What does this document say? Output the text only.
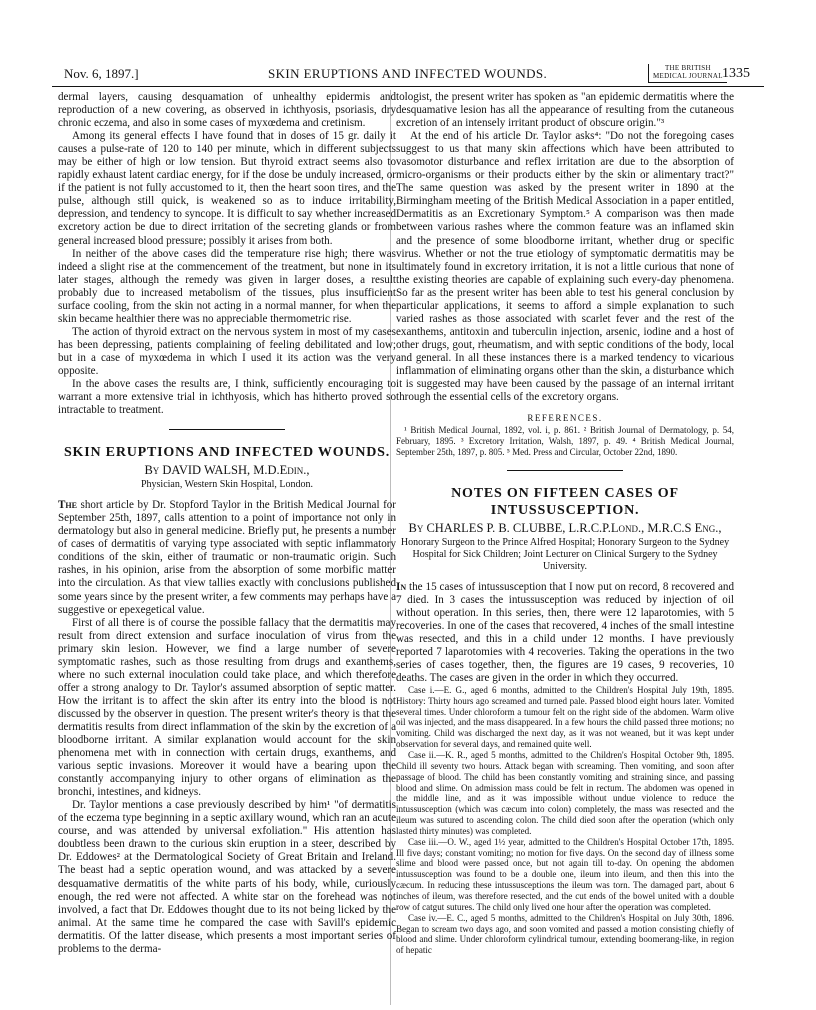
Nov. 6, 1897.]	SKIN ERUPTIONS AND INFECTED WOUNDS.	THE BRITISH
MEDICAL JOURNAL 1335

dermal layers, causing desquamation of unhealthy epidermis and reproduction of a new covering, as observed in ichthyosis, psoriasis, dry chronic eczema, and also in some cases of myxœdema and cretinism.

Among its general effects I have found that in doses of 15 gr. daily it causes a pulse-rate of 120 to 140 per minute, which in different subjects may be either of high or low tension. But thyroid extract seems also to rapidly exhaust latent cardiac energy, for if the dose be unduly increased, or if the patient is not fully accustomed to it, then the heart soon tires, and the pulse, although still quick, is weakened so as to induce irritability, depression, and tendency to syncope. It is difficult to say whether increased excretory action be due to direct irritation of the secreting glands or from general increased blood pressure; possibly it arises from both.

In neither of the above cases did the temperature rise high; there was indeed a slight rise at the commencement of the treatment, but none in its later stages, although the remedy was given in larger doses, a result probably due to increased metabolism of the tissues, plus insufficient surface cooling, from the skin not acting in a normal manner, for when the skin became healthier there was no appreciable thermometric rise.

The action of thyroid extract on the nervous system in most of my cases has been depressing, patients complaining of feeling debilitated and low; but in a case of myxœdema in which I used it its action was the very opposite.

In the above cases the results are, I think, sufficiently encouraging to warrant a more extensive trial in ichthyosis, which has hitherto proved so intractable to treatment.

SKIN ERUPTIONS AND INFECTED WOUNDS.
By DAVID WALSH, M.D.Edin.,
Physician, Western Skin Hospital, London.

The short article by Dr. Stopford Taylor in the British Medical Journal for September 25th, 1897, calls attention to a point of importance not only in dermatology but also in general medicine. Briefly put, he presents a number of cases of dermatitis of varying type associated with septic inflammatory conditions of the skin, either of traumatic or non-traumatic origin. Such rashes, in his opinion, arise from the absorption of some morbific matter into the circulation. As that view tallies exactly with conclusions published some years since by the present writer, a few comments may perhaps have a suggestive or epexegetical value.

First of all there is of course the possible fallacy that the dermatitis may result from direct extension and surface inoculation of virus from the primary skin lesion. However, we find a large number of severe symptomatic rashes, such as those resulting from drugs and exanthems, where no such external inoculation could take place, and which therefore offer a strong analogy to Dr. Taylor's assumed absorption of septic matter. How the irritant is to affect the skin after its entry into the blood is not discussed by the observer in question. The present writer's theory is that the dermatitis results from direct inflammation of the skin by the excretion of a bloodborne irritant. A similar explanation would account for the skin phenomena met with in connection with certain drugs, exanthems, and various septic invasions. Moreover it would have a bearing upon the constantly accompanying injury to other organs of elimination as the bronchi, intestines, and kidneys.

Dr. Taylor mentions a case previously described by him¹ "of dermatitis of the eczema type beginning in a septic axillary wound, which ran an acute course, and was attended by universal exfoliation." His attention has doubtless been drawn to the curious skin eruption in a steer, described by Dr. Eddowes² at the Dermatological Society of Great Britain and Ireland. The beast had a septic operation wound, and was attacked by a severe desquamative dermatitis of the white parts of his body, while, curiously enough, the red were not affected. A white star on the forehead was not involved, a fact that Dr. Eddowes thought due to its not being licked by the animal. At the same time he compared the case with Savill's epidemic dermatitis. Of the latter disease, which presents a most important series of problems to the derma-

tologist, the present writer has spoken as "an epidemic dermatitis where the desquamative lesion has all the appearance of resulting from the cutaneous excretion of an intensely irritant product of obscure origin."³

At the end of his article Dr. Taylor asks⁴: "Do not the foregoing cases suggest to us that many skin affections which have been attributed to vasomotor disturbance and reflex irritation are due to the absorption of micro-organisms or their products either by the skin or alimentary tract?" The same question was asked by the present writer in 1890 at the Birmingham meeting of the British Medical Association in a paper entitled, Dermatitis as an Excretionary Symptom.⁵ A comparison was then made between various rashes where the common feature was an inflamed skin and the presence of some bloodborne irritant, whether drug or specific virus. Whether or not the true etiology of symptomatic dermatitis may be ultimately found in excretory irritation, it is not a little curious that none of the existing theories are capable of explaining such every-day phenomena. So far as the present writer has been able to test his general conclusion by particular applications, it seems to afford a simple explanation to such varied rashes as those associated with scarlet fever and the rest of the exanthems, antitoxin and tuberculin injection, arsenic, iodine and a host of other drugs, gout, rheumatism, and with septic conditions of the body, local and general. In all these instances there is a marked tendency to vicarious inflammation of eliminating organs other than the skin, a disturbance which it is suggested may have been caused by the passage of an internal irritant through the essential cells of the excretory organs.

REFERENCES.

¹ British Medical Journal, 1892, vol. i, p. 861. ² British Journal of Dermatology, p. 54, February, 1895. ³ Excretory Irritation, Walsh, 1897, p. 49. ⁴ British Medical Journal, September 25th, 1897, p. 805. ⁵ Med. Press and Circular, October 22nd, 1890.

NOTES ON FIFTEEN CASES OF INTUSSUSCEPTION.
By CHARLES P. B. CLUBBE, L.R.C.P.Lond., M.R.C.S Eng.,
Honorary Surgeon to the Prince Alfred Hospital; Honorary Surgeon to the Sydney Hospital for Sick Children; Joint Lecturer on Clinical Surgery to the Sydney University.

In the 15 cases of intussusception that I now put on record, 8 recovered and 7 died. In 3 cases the intussusception was reduced by injection of oil without operation. In this series, then, there were 12 laparotomies, with 5 recoveries. In one of the cases that recovered, 4 inches of the small intestine was resected, and this in a child under 12 months. I have previously reported 7 laparotomies with 4 recoveries. Taking the operations in the two series of cases together, then, the figures are 19 cases, 9 recoveries, 10 deaths. The cases are given in the order in which they occurred.

Case i.—E. G., aged 6 months, admitted to the Children's Hospital July 19th, 1895. History: Thirty hours ago screamed and turned pale. Passed blood eight hours later. Vomited several times. Under chloroform a tumour felt on the right side of the abdomen. Warm olive oil was injected, and the mass disappeared. In a few hours the child passed three motions; no vomiting. Child was discharged the next day, as it was not weaned, but it was kept under observation for several days, and remained quite well.

Case ii.—K. R., aged 5 months, admitted to the Children's Hospital October 9th, 1895. Child ill seventy two hours. Attack began with screaming. Then vomiting, and soon after passage of blood. The child has been constantly vomiting and straining since, and passing blood and slime. On admission mass could be felt in rectum. The abdomen was opened in the middle line, and as it was impossible without undue violence to reduce the intussusception (which was cæcum into colon) completely, the mass was resected and the ileum was sutured to ascending colon. The child died soon after the operation (which only lasted thirty minutes) was completed.

Case iii.—O. W., aged 1½ year, admitted to the Children's Hospital October 17th, 1895. Ill five days; constant vomiting; no motion for five days. On the second day of illness some slime and blood were passed once, but not again till to-day. On opening the abdomen intussusception was found to be a double one, ileum into ileum, and then this into the cæcum. In reducing these intussusceptions the ileum was torn. The damaged part, about 6 inches of ileum, was therefore resected, and the cut ends of the bowel united with a double row of catgut sutures. The child only lived one hour after the operation was completed.

Case iv.—E. C., aged 5 months, admitted to the Children's Hospital on July 30th, 1896. Began to scream two days ago, and soon vomited and passed a motion consisting chiefly of blood and slime. Under chloroform cylindrical tumour, extending boomerang-like, in region of hepatic
